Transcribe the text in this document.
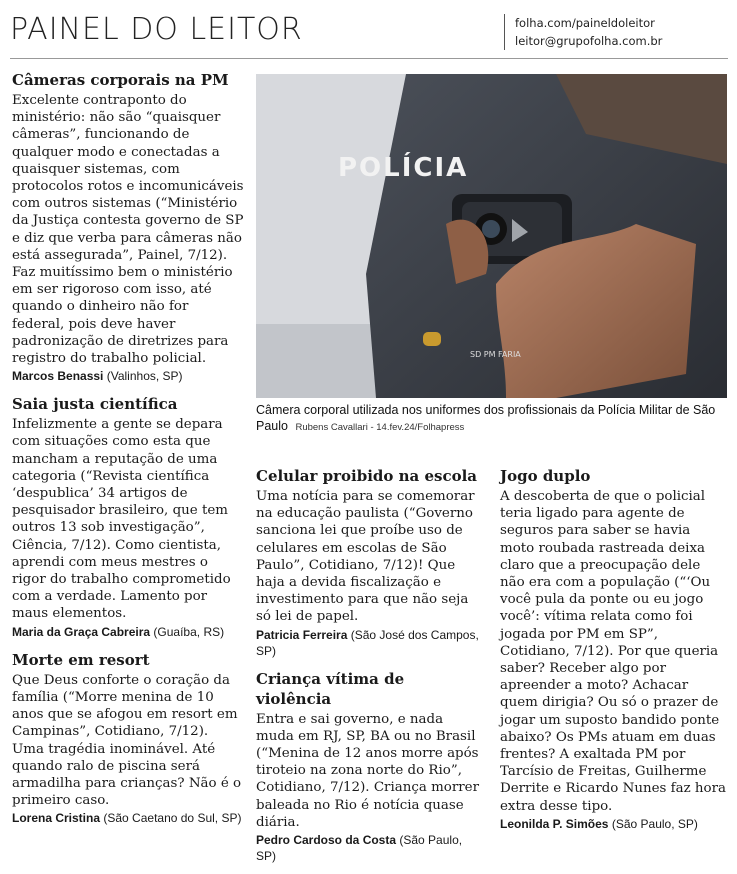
PAINEL DO LEITOR	folha.com/paineldoleitor
leitor@grupofolha.com.br
Câmeras corporais na PM

Excelente contraponto do ministério: não são “quaisquer câmeras”, funcionando de qualquer modo e conectadas a quaisquer sistemas, com protocolos rotos e incomunicáveis com outros sistemas (“Ministério da Justiça contesta governo de SP e diz que verba para câmeras não está assegurada”, Painel, 7/12). Faz muitíssimo bem o ministério em ser rigoroso com isso, até quando o dinheiro não for federal, pois deve haver padronização de diretrizes para registro do trabalho policial.

Marcos Benassi (Valinhos, SP)
Saia justa científica

Infelizmente a gente se depara com situações como esta que mancham a reputação de uma categoria (“Revista científica ‘despublica’ 34 artigos de pesquisador brasileiro, que tem outros 13 sob investigação”, Ciência, 7/12). Como cientista, aprendi com meus mestres o rigor do trabalho comprometido com a verdade. Lamento por maus elementos.

Maria da Graça Cabreira (Guaíba, RS)
Morte em resort

Que Deus conforte o coração da família (“Morre menina de 10 anos que se afogou em resort em Campinas”, Cotidiano, 7/12). Uma tragédia inominável. Até quando ralo de piscina será armadilha para crianças? Não é o primeiro caso.

Lorena Cristina (São Caetano do Sul, SP)
POLÍCIA
SD PM FARIA
Câmera corporal utilizada nos uniformes dos profissionais da Polícia Militar de São Paulo Rubens Cavallari - 14.fev.24/Folhapress
Celular proibido na escola

Uma notícia para se comemorar na educação paulista (“Governo sanciona lei que proíbe uso de celulares em escolas de São Paulo”, Cotidiano, 7/12)! Que haja a devida fiscalização e investimento para que não seja só lei de papel.

Patricia Ferreira (São José dos Campos, SP)
Criança vítima de violência

Entra e sai governo, e nada muda em RJ, SP, BA ou no Brasil (“Menina de 12 anos morre após tiroteio na zona norte do Rio”, Cotidiano, 7/12). Criança morrer baleada no Rio é notícia quase diária.

Pedro Cardoso da Costa (São Paulo, SP)
Jogo duplo

A descoberta de que o policial teria ligado para agente de seguros para saber se havia moto roubada rastreada deixa claro que a preocupação dele não era com a população (“‘Ou você pula da ponte ou eu jogo você’: vítima relata como foi jogada por PM em SP”, Cotidiano, 7/12). Por que queria saber? Receber algo por apreender a moto? Achacar quem dirigia? Ou só o prazer de jogar um suposto bandido ponte abaixo? Os PMs atuam em duas frentes? A exaltada PM por Tarcísio de Freitas, Guilherme Derrite e Ricardo Nunes faz hora extra desse tipo.

Leonilda P. Simões (São Paulo, SP)
